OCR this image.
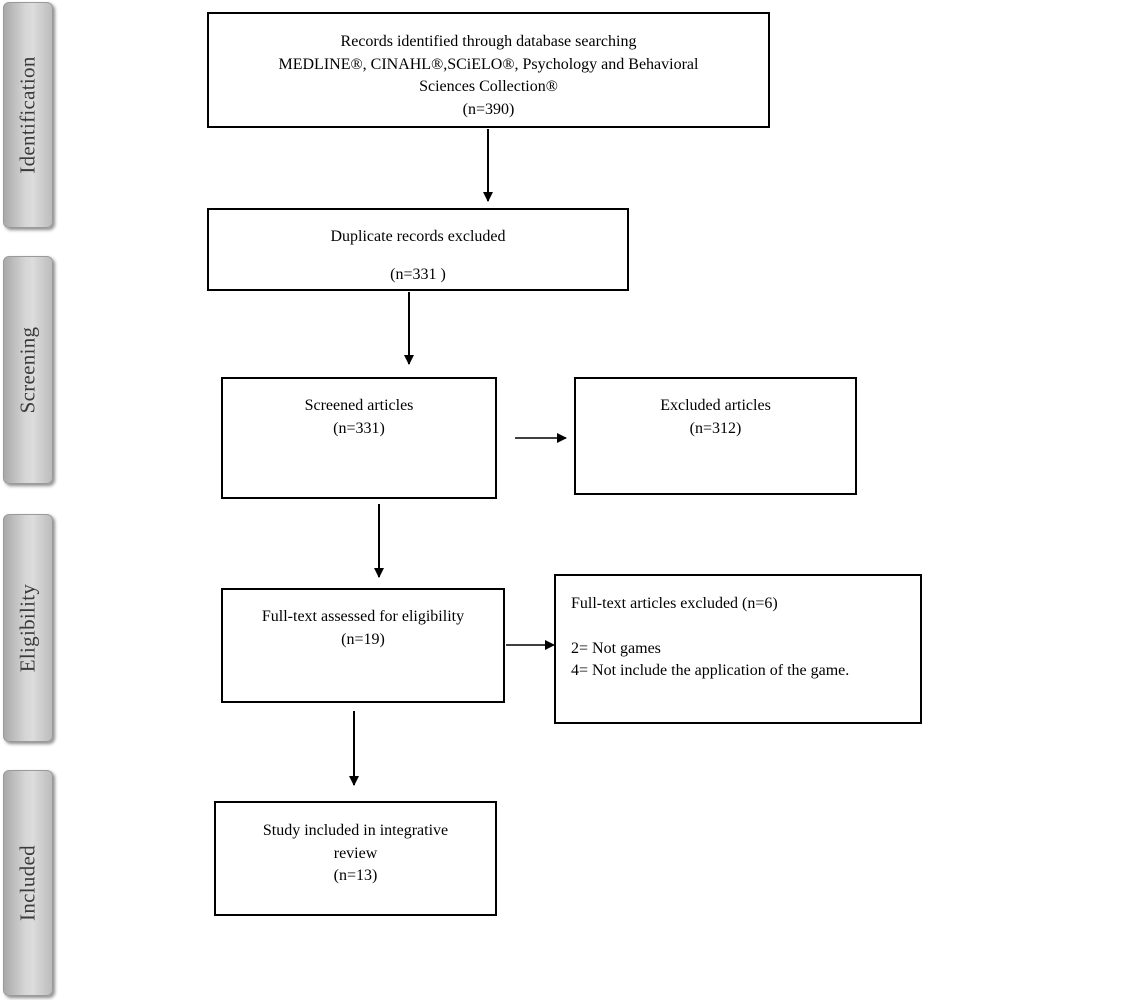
Identification
Screening
Eligibility
Included
Records identified through database searching
MEDLINE®, CINAHL®,SCiELO®, Psychology and Behavioral
Sciences Collection®
(n=390)
Duplicate records excluded
(n=331 )
Screened articles
(n=331)
Excluded articles
(n=312)
Full-text assessed for eligibility
(n=19)
Full-text articles excluded (n=6)
2= Not games
4= Not include the application of the game.
Study included in integrative
review
(n=13)
